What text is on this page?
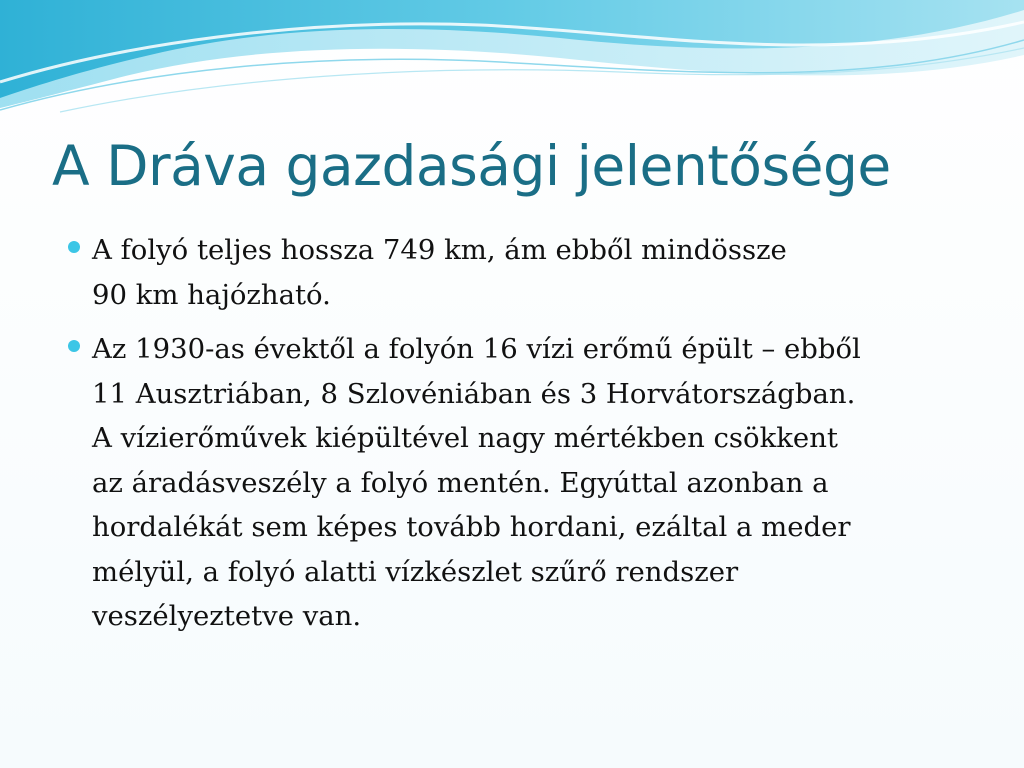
A Dráva gazdasági jelentősége
A folyó teljes hossza 749 km, ám ebből mindössze
90 km hajózható.
Az 1930-as évektől a folyón 16 vízi erőmű épült – ebből
11 Ausztriában, 8 Szlovéniában és 3 Horvátországban.
A vízierőművek kiépültével nagy mértékben csökkent
az áradásveszély a folyó mentén. Egyúttal azonban a
hordalékát sem képes tovább hordani, ezáltal a meder
mélyül, a folyó alatti vízkészlet szűrő rendszer
veszélyeztetve van.
